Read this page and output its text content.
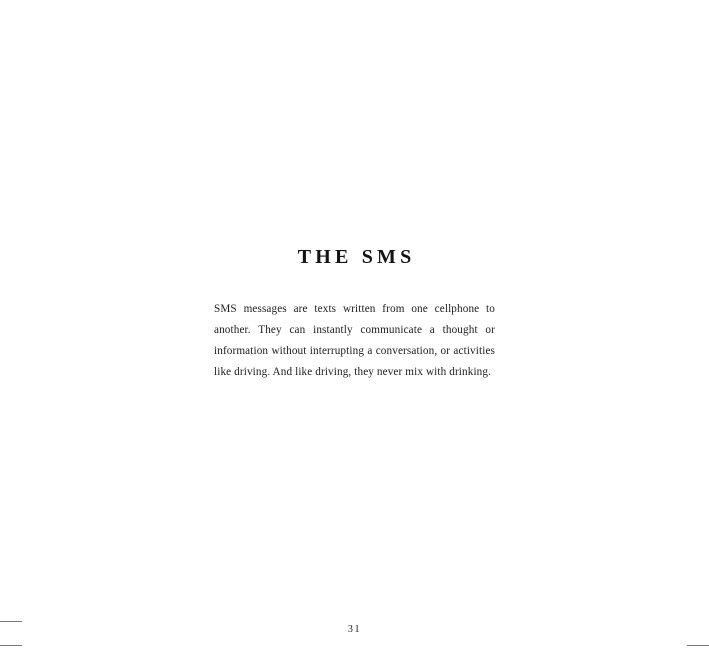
THE SMS

SMS messages are texts written from one cellphone to another. They can instantly communicate a thought or information without interrupting a conversation, or activities like driving. And like driving, they never mix with drinking.

31
